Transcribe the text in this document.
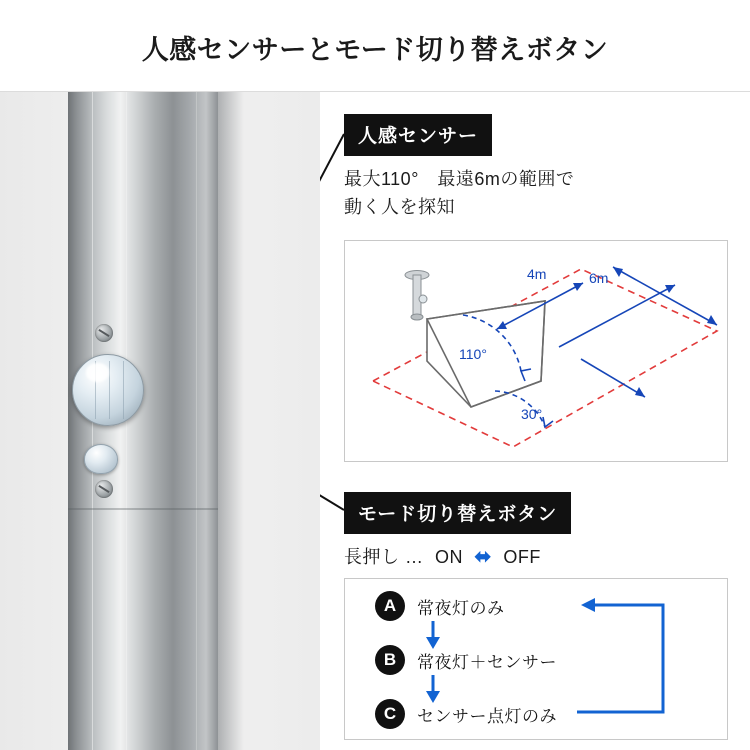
人感センサーとモード切り替えボタン
人感センサー
最大110°　最遠6mの範囲で
動く人を探知
4m	6m
110°
30°
モード切り替えボタン
長押し … ON ⬌ OFF
A	常夜灯のみ
B	常夜灯＋センサー
C	センサー点灯のみ
